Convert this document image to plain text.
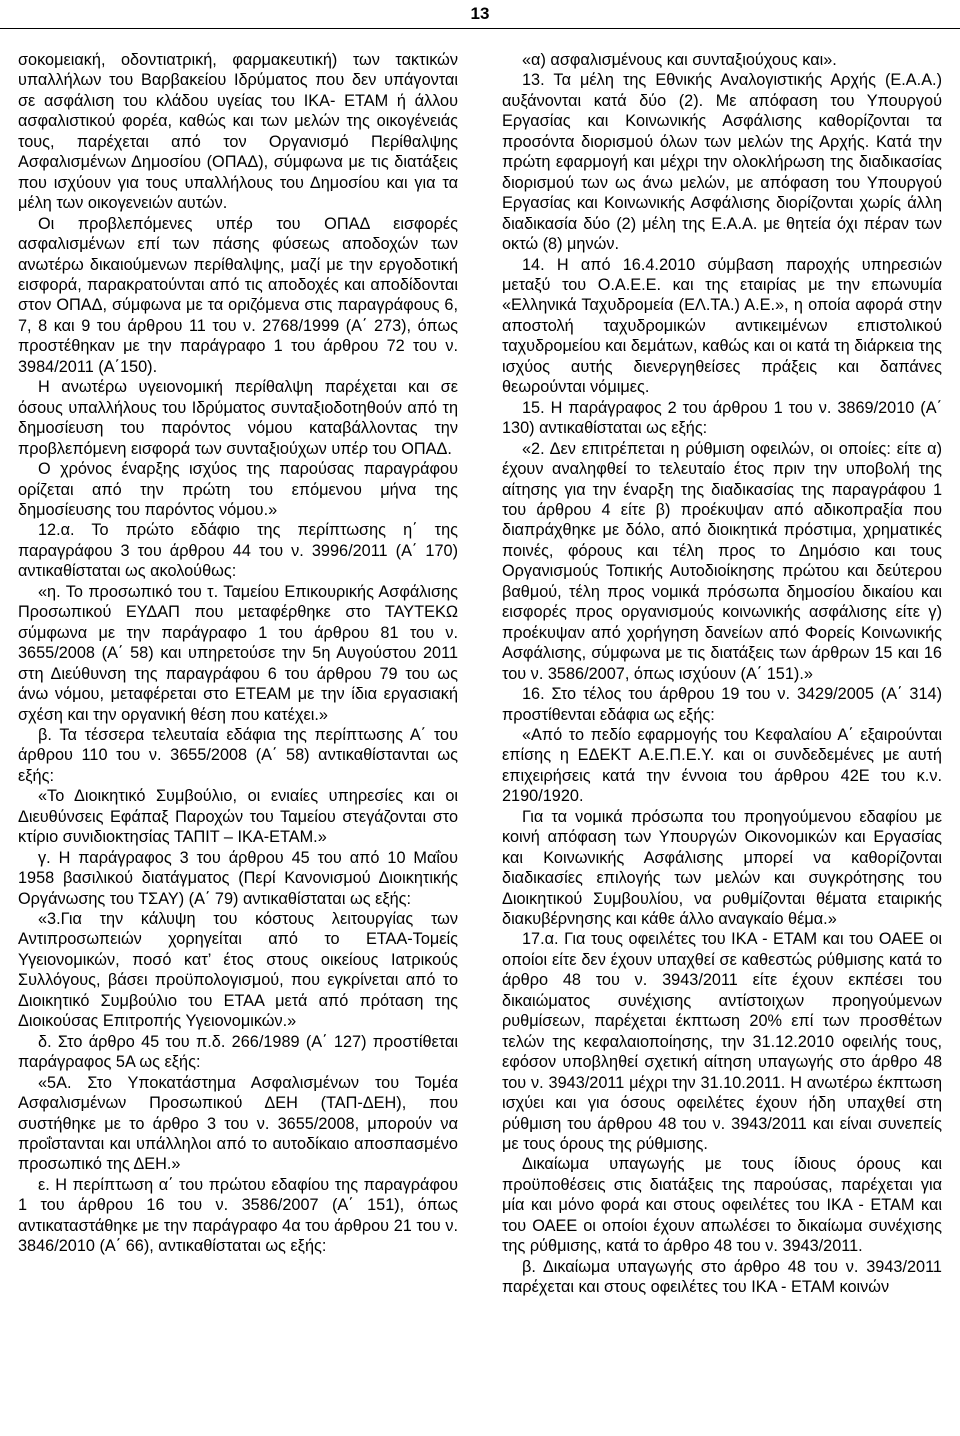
13

σοκομειακή, οδοντιατρική, φαρμακευτική) των τακτικών υπαλλήλων του Βαρβακείου Ιδρύματος που δεν υπάγονται σε ασφάλιση του κλάδου υγείας του ΙΚΑ- ΕΤΑΜ ή άλλου ασφαλιστικού φορέα, καθώς και των μελών της οικογένειάς τους, παρέχεται από τον Οργανισμό Περίθαλψης Ασφαλισμένων Δημοσίου (ΟΠΑΔ), σύμφωνα με τις διατάξεις που ισχύουν για τους υπαλλήλους του Δημοσίου και για τα μέλη των οικογενειών αυτών.

Οι προβλεπόμενες υπέρ του ΟΠΑΔ εισφορές ασφαλισμένων επί των πάσης φύσεως αποδοχών των ανωτέρω δικαιούμενων περίθαλψης, μαζί με την εργοδοτική εισφορά, παρακρατούνται από τις αποδοχές και αποδίδονται στον ΟΠΑΔ, σύμφωνα με τα οριζόμενα στις παραγράφους 6, 7, 8 και 9 του άρθρου 11 του ν. 2768/1999 (Α΄ 273), όπως προστέθηκαν με την παράγραφο 1 του άρθρου 72 του ν. 3984/2011 (Α΄150).

Η ανωτέρω υγειονομική περίθαλψη παρέχεται και σε όσους υπαλλήλους του Ιδρύματος συνταξιοδοτηθούν από τη δημοσίευση του παρόντος νόμου καταβάλλοντας την προβλεπόμενη εισφορά των συνταξιούχων υπέρ του ΟΠΑΔ.

Ο χρόνος έναρξης ισχύος της παρούσας παραγράφου ορίζεται από την πρώτη του επόμενου μήνα της δημοσίευσης του παρόντος νόμου.»

12.α. Το πρώτο εδάφιο της περίπτωσης η΄ της παραγράφου 3 του άρθρου 44 του ν. 3996/2011 (Α΄ 170) αντικαθίσταται ως ακολούθως:

«η. Το προσωπικό του τ. Ταμείου Επικουρικής Ασφάλισης Προσωπικού ΕΥΔΑΠ που μεταφέρθηκε στο ΤΑΥΤΕΚΩ σύμφωνα με την παράγραφο 1 του άρθρου 81 του ν. 3655/2008 (Α΄ 58) και υπηρετούσε την 5η Αυγούστου 2011 στη Διεύθυνση της παραγράφου 6 του άρθρου 79 του ως άνω νόμου, μεταφέρεται στο ΕΤΕΑΜ με την ίδια εργασιακή σχέση και την οργανική θέση που κατέχει.»

β. Τα τέσσερα τελευταία εδάφια της περίπτωσης Α΄ του άρθρου 110 του ν. 3655/2008 (Α΄ 58) αντικαθίστανται ως εξής:

«Το Διοικητικό Συμβούλιο, οι ενιαίες υπηρεσίες και οι Διευθύνσεις Εφάπαξ Παροχών του Ταμείου στεγάζονται στο κτίριο συνιδιοκτησίας ΤΑΠΙΤ – ΙΚΑ-ΕΤΑΜ.»

γ. Η παράγραφος 3 του άρθρου 45 του από 10 Μαΐου 1958 βασιλικού διατάγματος (Περί Κανονισμού Διοικητικής Οργάνωσης του ΤΣΑΥ) (Α΄ 79) αντικαθίσταται ως εξής:

«3.Για την κάλυψη του κόστους λειτουργίας των Αντιπροσωπειών χορηγείται από το ΕΤΑΑ-Τομείς Υγειονομικών, ποσό κατ’ έτος στους οικείους Ιατρικούς Συλλόγους, βάσει προϋπολογισμού, που εγκρίνεται από το Διοικητικό Συμβούλιο του ΕΤΑΑ μετά από πρόταση της Διοικούσας Επιτροπής Υγειονομικών.»

δ. Στο άρθρο 45 του π.δ. 266/1989 (Α΄ 127) προστίθεται παράγραφος 5Α ως εξής:

«5Α. Στο Υποκατάστημα Ασφαλισμένων του Τομέα Ασφαλισμένων Προσωπικού ΔΕΗ (ΤΑΠ-ΔΕΗ), που συστήθηκε με το άρθρο 3 του ν. 3655/2008, μπορούν να προΐστανται και υπάλληλοι από το αυτοδίκαιο αποσπασμένο προσωπικό της ΔΕΗ.»

ε. Η περίπτωση α΄ του πρώτου εδαφίου της παραγράφου 1 του άρθρου 16 του ν. 3586/2007 (Α΄ 151), όπως αντικαταστάθηκε με την παράγραφο 4α του άρθρου 21 του ν. 3846/2010 (Α΄ 66), αντικαθίσταται ως εξής:

«α) ασφαλισμένους και συνταξιούχους και».

13. Τα μέλη της Εθνικής Αναλογιστικής Αρχής (Ε.Α.Α.) αυξάνονται κατά δύο (2). Με απόφαση του Υπουργού Εργασίας και Κοινωνικής Ασφάλισης καθορίζονται τα προσόντα διορισμού όλων των μελών της Αρχής. Κατά την πρώτη εφαρμογή και μέχρι την ολοκλήρωση της διαδικασίας διορισμού των ως άνω μελών, με απόφαση του Υπουργού Εργασίας και Κοινωνικής Ασφάλισης διορίζονται χωρίς άλλη διαδικασία δύο (2) μέλη της Ε.Α.Α. με θητεία όχι πέραν των οκτώ (8) μηνών.

14. Η από 16.4.2010 σύμβαση παροχής υπηρεσιών μεταξύ του Ο.Α.Ε.Ε. και της εταιρίας με την επωνυμία «Ελληνικά Ταχυδρομεία (ΕΛ.ΤΑ.) Α.Ε.», η οποία αφορά στην αποστολή ταχυδρομικών αντικειμένων επιστολικού ταχυδρομείου και δεμάτων, καθώς και οι κατά τη διάρκεια της ισχύος αυτής διενεργηθείσες πράξεις και δαπάνες θεωρούνται νόμιμες.

15. Η παράγραφος 2 του άρθρου 1 του ν. 3869/2010 (Α΄ 130) αντικαθίσταται ως εξής:

«2. Δεν επιτρέπεται η ρύθμιση οφειλών, οι οποίες: είτε α) έχουν αναληφθεί το τελευταίο έτος πριν την υποβολή της αίτησης για την έναρξη της διαδικασίας της παραγράφου 1 του άρθρου 4 είτε β) προέκυψαν από αδικοπραξία που διαπράχθηκε με δόλο, από διοικητικά πρόστιμα, χρηματικές ποινές, φόρους και τέλη προς το Δημόσιο και τους Οργανισμούς Τοπικής Αυτοδιοίκησης πρώτου και δεύτερου βαθμού, τέλη προς νομικά πρόσωπα δημοσίου δικαίου και εισφορές προς οργανισμούς κοινωνικής ασφάλισης είτε γ) προέκυψαν από χορήγηση δανείων από Φορείς Κοινωνικής Ασφάλισης, σύμφωνα με τις διατάξεις των άρθρων 15 και 16 του ν. 3586/2007, όπως ισχύουν (Α΄ 151).»

16. Στο τέλος του άρθρου 19 του ν. 3429/2005 (Α΄ 314) προστίθενται εδάφια ως εξής:

«Από το πεδίο εφαρμογής του Κεφαλαίου Α΄ εξαιρούνται επίσης η ΕΔΕΚΤ Α.Ε.Π.Ε.Υ. και οι συνδεδεμένες με αυτή επιχειρήσεις κατά την έννοια του άρθρου 42Ε του κ.ν. 2190/1920.

Για τα νομικά πρόσωπα του προηγούμενου εδαφίου με κοινή απόφαση των Υπουργών Οικονομικών και Εργασίας και Κοινωνικής Ασφάλισης μπορεί να καθορίζονται διαδικασίες επιλογής των μελών και συγκρότησης του Διοικητικού Συμβουλίου, να ρυθμίζονται θέματα εταιρικής διακυβέρνησης και κάθε άλλο αναγκαίο θέμα.»

17.α. Για τους οφειλέτες του ΙΚΑ - ΕΤΑΜ και του ΟΑΕΕ οι οποίοι είτε δεν έχουν υπαχθεί σε καθεστώς ρύθμισης κατά το άρθρο 48 του ν. 3943/2011 είτε έχουν εκπέσει του δικαιώματος συνέχισης αντίστοιχων προηγούμενων ρυθμίσεων, παρέχεται έκπτωση 20% επί των προσθέτων τελών της κεφαλαιοποίησης, την 31.12.2010 οφειλής τους, εφόσον υποβληθεί σχετική αίτηση υπαγωγής στο άρθρο 48 του ν. 3943/2011 μέχρι την 31.10.2011. Η ανωτέρω έκπτωση ισχύει και για όσους οφειλέτες έχουν ήδη υπαχθεί στη ρύθμιση του άρθρου 48 του ν. 3943/2011 και είναι συνεπείς με τους όρους της ρύθμισης.

Δικαίωμα υπαγωγής με τους ίδιους όρους και προϋποθέσεις στις διατάξεις της παρούσας, παρέχεται για μία και μόνο φορά και στους οφειλέτες του ΙΚΑ - ΕΤΑΜ και του ΟΑΕΕ οι οποίοι έχουν απωλέσει το δικαίωμα συνέχισης της ρύθμισης, κατά το άρθρο 48 του ν. 3943/2011.

β. Δικαίωμα υπαγωγής στο άρθρο 48 του ν. 3943/2011 παρέχεται και στους οφειλέτες του ΙΚΑ - ΕΤΑΜ κοινών
